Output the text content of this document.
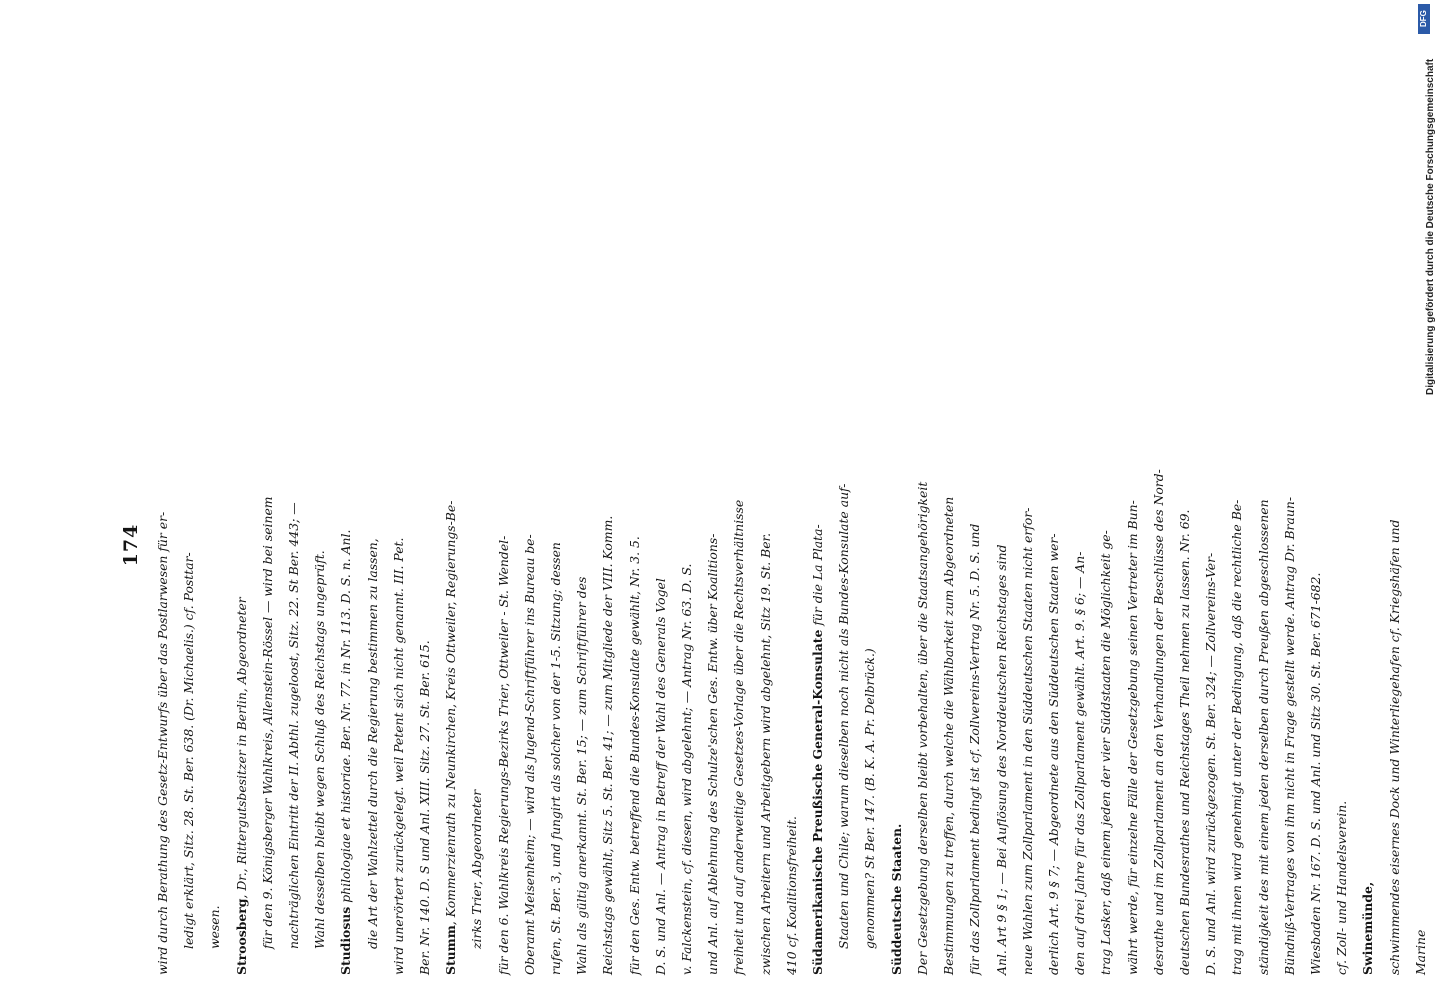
174	wird durch Berathung des Gesetz-Entwurfs über das Postlarwesen für er- ledigt erklärt, Sitz. 28. St. Ber. 638. (Dr. Michaelis.) cf. Posttar- wesen. Stroosberg, Dr., Rittergutsbesitzer in Berlin, Abgeordneter für den 9. Königsberger Wahlkreis, Allenstein-Rössel — wird bei seinem nachträglichen Eintritt der II. Abthl. zugeloost, Sitz. 22. St Ber. 443; — Wahl desselben bleibt wegen Schluß des Reichstags ungeprüft. Studiosus philologiae et historiae. Ber. Nr. 77. in Nr. 113. D. S. n. Anl. die Art der Wahlzettel durch die Regierung bestimmen zu lassen, wird unerörtert zurückgelegt. weil Petent sich nicht genannt. III. Pet. Ber. Nr. 140. D. S und Anl. XIII. Sitz. 27. St. Ber. 615. Stumm, Kommerzienrath zu Neunkirchen, Kreis Ottweiler, Regierungs-Be- zirks Trier, Abgeordneter für den 6. Wahlkreis Regierungs-Bezirks Trier, Ottweiler - St. Wendel- Oberamt Meisenheim; — wird als Jugend-Schriftführer ins Bureau be- rufen, St. Ber. 3, und fungirt als solcher von der 1-5. Sitzung; dessen Wahl als gültig anerkannt. St. Ber. 15; — zum Schriftführer des Reichstags gewählt, Sitz 5. St. Ber. 41; — zum Mitgliede der VIII. Komm. für den Ges. Entw. betreffend die Bundes-Konsulate gewählt, Nr. 3. 5. D. S. und Anl. — Antrag in Betreff der Wahl des Generals Vogel v. Falckenstein, cf. diesen, wird abgelehnt; — Antrag Nr. 63. D. S. und Anl. auf Ablehnung des Schulze'schen Ges. Entw. über Koalitions- freiheit und auf anderweitige Gesetzes-Vorlage über die Rechtsverhältnisse zwischen Arbeitern und Arbeitgebern wird abgelehnt, Sitz 19. St. Ber. 410 cf. Koalitionsfreiheit. Südamerikanische Preußische General-Konsulate für die La Plata- Staaten und Chile; warum dieselben noch nicht als Bundes-Konsulate auf- genommen? St Ber. 147. (B. K. A. Pr. Delbrück.) Süddeutsche Staaten. Der Gesetzgebung derselben bleibt vorbehalten, über die Staatsangehörigkeit Bestimmungen zu treffen, durch welche die Wählbarkeit zum Abgeordneten für das Zollparlament bedingt ist cf. Zollvereins-Vertrag Nr. 5. D. S. und Anl. Art 9 § 1; — Bei Auflösung des Norddeutschen Reichstages sind neue Wahlen zum Zollparlament in den Süddeutschen Staaten nicht erfor- derlich Art. 9 § 7; — Abgeordnete aus den Süddeutschen Staaten wer- den auf drei Jahre für das Zollparlament gewählt. Art. 9. § 6; — An- trag Lasker, daß einem jeden der vier Süddstaaten die Möglichkeit ge- währt werde, für einzelne Fälle der Gesetzgebung seinen Vertreter im Bun- desrathe und im Zollparlament an den Verhandlungen der Beschlüsse des Nord- deutschen Bundesrathes und Reichstages Theil nehmen zu lassen. Nr. 69. D. S. und Anl. wird zurückgezogen. St. Ber. 324; — Zollvereins-Ver- trag mit ihnen wird genehmigt unter der Bedingung, daß die rechtliche Be- ständigkeit des mit einem jeden derselben durch Preußen abgeschlossenen Bündniß-Vertrages von ihm nicht in Frage gestellt werde. Antrag Dr. Braun- Wiesbaden Nr. 167. D. S. und Anl. und Sitz 30. St. Ber. 671-682. cf. Zoll- und Handelsverein. Swinemünde, schwimmendes eisernes Dock und Winterliegehafen cf. Kriegshäfen und Marine

Digitalisierung gefördert durch die Deutsche Forschungsgemeinschaft
DFG
